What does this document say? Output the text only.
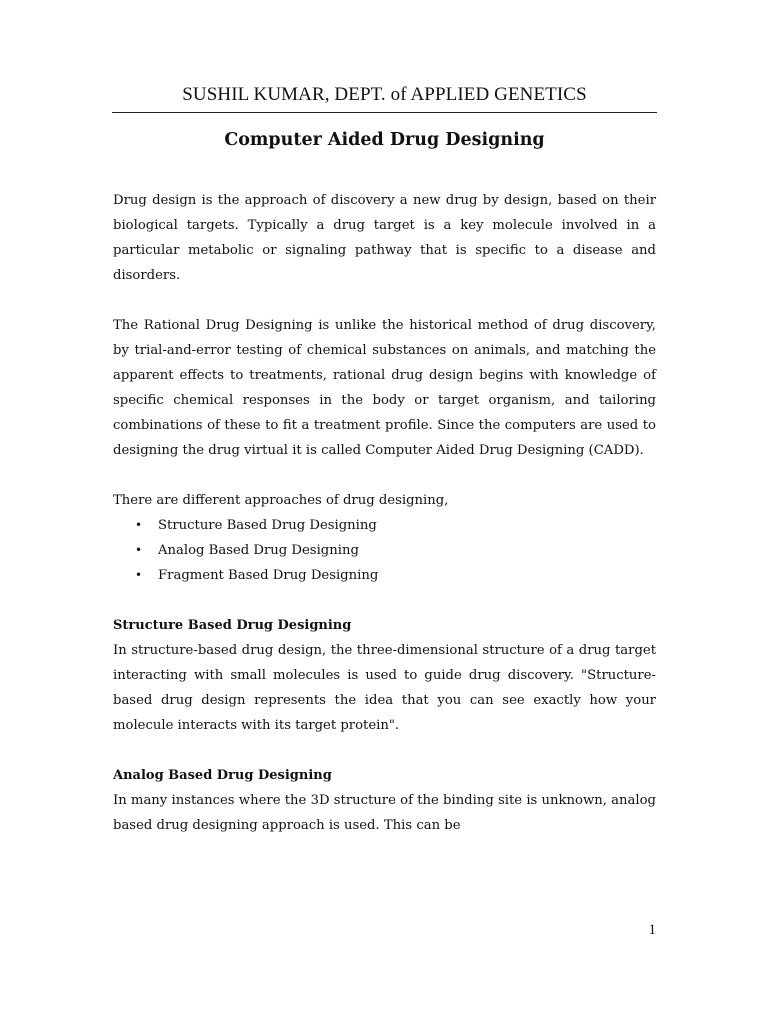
SUSHIL KUMAR, DEPT. of APPLIED GENETICS
Computer Aided Drug Designing

Drug design is the approach of discovery a new drug by design, based on their biological targets. Typically a drug target is a key molecule involved in a particular metabolic or signaling pathway that is specific to a disease and disorders.

The Rational Drug Designing is unlike the historical method of drug discovery, by trial-and-error testing of chemical substances on animals, and matching the apparent effects to treatments, rational drug design begins with knowledge of specific chemical responses in the body or target organism, and tailoring combinations of these to fit a treatment profile. Since the computers are used to designing the drug virtual it is called Computer Aided Drug Designing (CADD).

There are different approaches of drug designing,

• Structure Based Drug Designing
• Analog Based Drug Designing
• Fragment Based Drug Designing

Structure Based Drug Designing

In structure-based drug design, the three-dimensional structure of a drug target interacting with small molecules is used to guide drug discovery. "Structure-based drug design represents the idea that you can see exactly how your molecule interacts with its target protein".

Analog Based Drug Designing

In many instances where the 3D structure of the binding site is unknown, analog based drug designing approach is used. This can be

1
